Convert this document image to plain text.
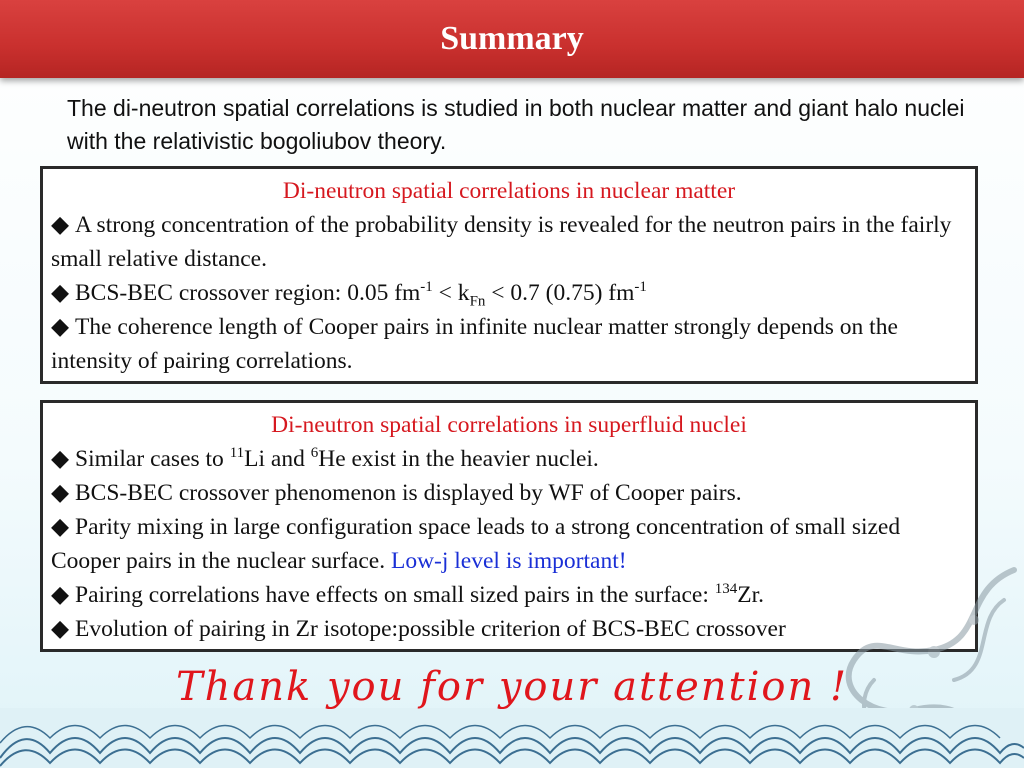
Summary
The di-neutron spatial correlations is studied in both nuclear matter and giant halo nuclei with the relativistic bogoliubov theory.
Di-neutron spatial correlations in nuclear matter
◆ A strong concentration of the probability density is revealed for the neutron pairs in the fairly small relative distance.
◆ BCS-BEC crossover region: 0.05 $fm^{-1} < k_{Fn} < 0.7$ (0.75) $fm^{-1}$
◆ The coherence length of Cooper pairs in infinite nuclear matter strongly depends on the intensity of pairing correlations.
Di-neutron spatial correlations in superfluid nuclei
◆ Similar cases to $^{11}$Li and $^6$He exist in the heavier nuclei.
◆ BCS-BEC crossover phenomenon is displayed by WF of Cooper pairs.
◆ Parity mixing in large configuration space leads to a strong concentration of small sized Cooper pairs in the nuclear surface. Low-j level is important!
◆ Pairing correlations have effects on small sized pairs in the surface: $^{134}$Zr.
◆ Evolution of pairing in Zr isotope:possible criterion of BCS-BEC crossover
Thank you for your attention !
